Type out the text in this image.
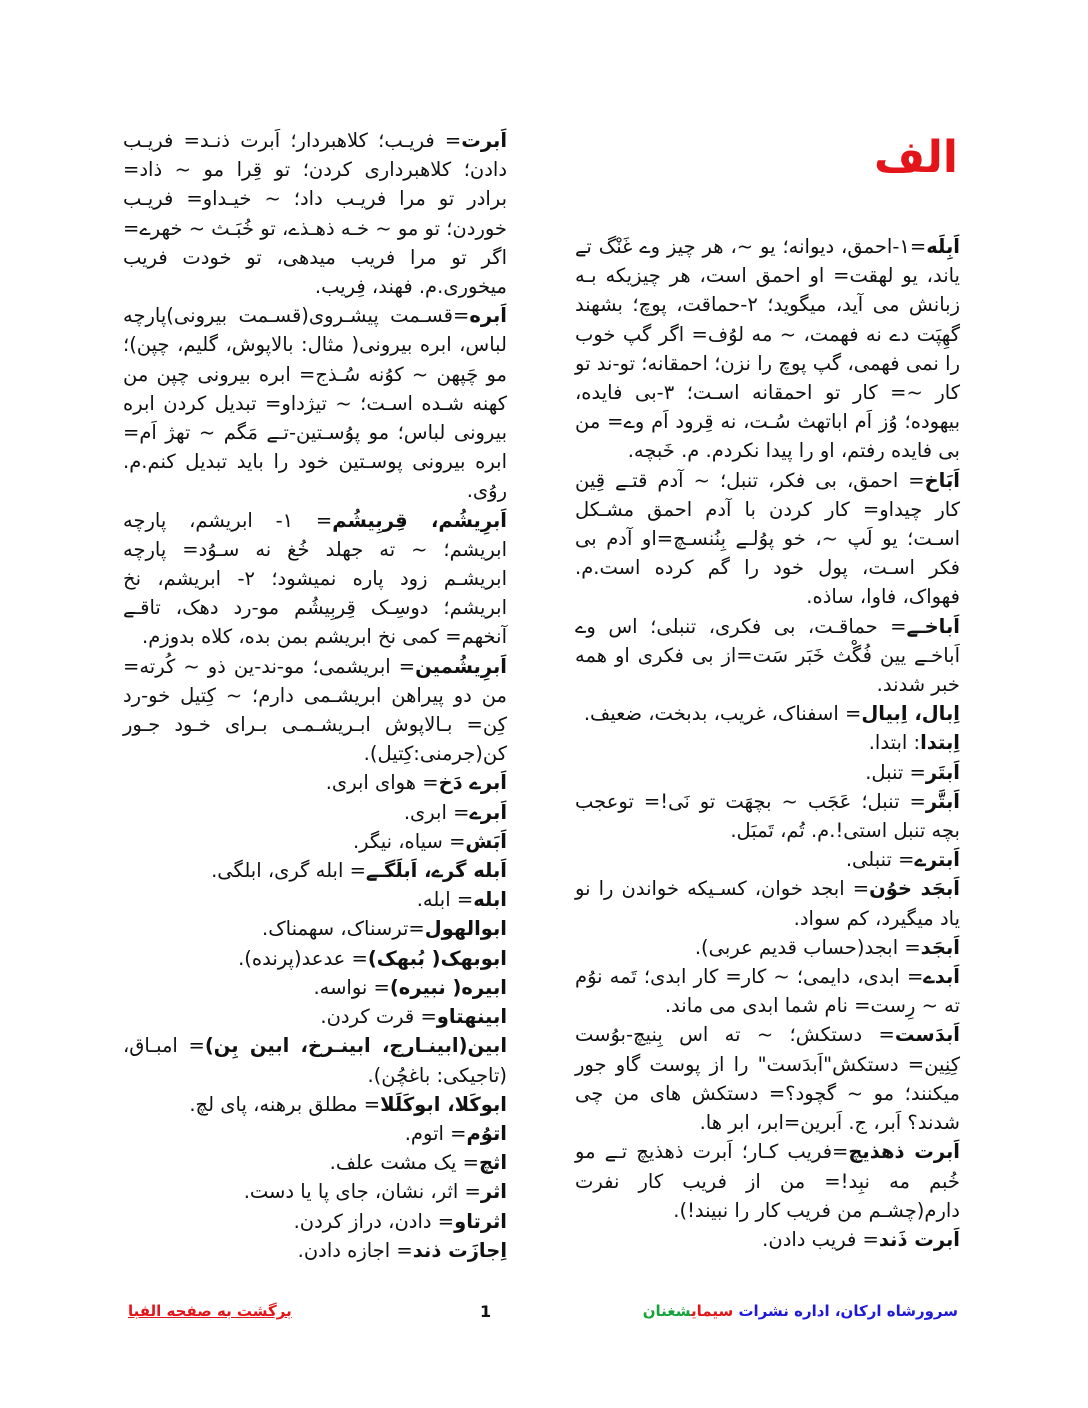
الف

اَبِلَه=۱-احمق، دیوانه؛ یو ~، هر چیز وے غَنْگ تے یاند، یو لهقت= او احمق است، هر چیزیکه بـه زبانش می آید، میگوید؛ ۲-حماقت، پوچ؛ بشهند گهِپَت دے نه فهمت، ~ مه لوُف= اگر گپ خوب را نمی فهمی، گپ پوچ را نزن؛ احمقانه؛ تو-ند تو کار ~= کار تو احمقانه اسـت؛ ۳-بی فایده، بیهوده؛ وُز اَم اباتهث سُـت، نه قِرود اَم وے= من بی فایده رفتم، او را پیدا نکردم. م. خَبچه.

اَبَاخ= احمق، بی فکر، تنبل؛ ~ آدم قتـے قِین کار چیداو= کار کردن با آدم احمق مشـکل اسـت؛ یو لَپ ~، خو پوُلـے بِنُنسـچ=او آدم بی فکر اسـت، پول خود را گم کرده است.م. فهواک، فاوا، ساذه.

اَباخـے= حماقـت، بی فکری، تنبلی؛ اس وے اَباخـے یین فُگْث خَبَر سَت=از بی فکری او همه خبر شدند.

اِبال، اِبیال= اسفناک، غریب، بدبخت، ضعیف.

اِبتدا: ابتدا.

اَبتَر= تنبل.

اَبتَّر= تنبل؛ عَجَب ~ بچهَت تو نَی!= توعجب بچه تنبل استی!.م. تُم، تَمبَل.

اَبترے= تنبلی.

اَبجَد خوُن= ابجد خوان، کسـیکه خواندن را نو یاد میگیرد، کم سواد.

اَبجَد= ابجد(حساب قدیم عربی).

اَبدے= ابدی، دایمی؛ ~ کار= کار ابدی؛ تَمه نوُم ته ~ رِست= نام شما ابدی می ماند.

اَبدَست= دستکش؛ ~ ته اس بِنیچ-بوُست کِنِین= دستکش"اَبدَست" را از پوست گاو جور میکنند؛ مو ~ گچود؟= دستکش های من چی شدند؟ اَبر، ج. اَبرین=ابر، ابر ها.

اَبرت ذهذیچ=فریب کـار؛ اَبرت ذهذیچ تـے مو خُبم مه نبِد!= من از فریب کار نفرت دارم(چشـم من فریب کار را نبیند!).

اَبرت ذَند= فریب دادن.

اَبرت= فریـب؛ کلاهبردار؛ اَبرت ذنـد= فریـب دادن؛ کلاهبرداری کردن؛ تو قِرا مو ~ ذاد= برادر تو مرا فریـب داد؛ ~ خیـداو= فریـب خوردن؛ تو مو ~ خـه ذهـذے، تو خُبَـث ~ خهرے= اگر تو مرا فریب میدهی، تو خودت فریب میخوری.م. فهند، فِریب.

اَبره=قسـمت پیشـروی(قسـمت بیرونی)پارچه لباس، ابره بیرونی( مثال: بالاپوش، گلیم، چپن)؛ مو چَپهن ~ کوُنه سُـذج= ابره بیرونی چپن من کهنه شـده اسـت؛ ~ تیژداو= تبدیل کردن ابره بیرونی لباس؛ مو پوُسـتین-تـے مَگم ~ تهژ اَم= ابره بیرونی پوسـتین خود را باید تبدیل کنم.م. روُی.

اَبرِیشُم، قِربِیشُم= ۱- ابریشم، پارچه ابریشم؛ ~ ته جهلد خُغ نه سـوُد= پارچه ابریشـم زود پاره نمیشود؛ ۲- ابریشم، نخ ابریشم؛ دوسِـک قِربِیشُم مو-رد دهک، تاقـے آنخهم= کمی نخ ابریشم بمن بده، کلاه بدوزم.

اَبرِیشُمین= ابریشمی؛ مو-ند-ین ذو ~ کُرته= من دو پیراهن ابریشـمی دارم؛ ~ کِتیل خو-رد کِن= بـالاپوش ابـریشـمـی بـرای خـود جـور کن(جرمنی:کِتیل).

اَبرے دَخ= هوای ابری.

اَبرے= ابری.

اَبَش= سیاه، نیگر.

اَبله گرے، اَبلَگـے= ابله گری، ابلگی.

ابله= ابله.

ابوالهول=ترسناک، سهمناک.

ابوبهک( بُبهک)= عدعد(پرنده).

ابیره( نبیره)= نواسه.

ابینهتاو= قرت کردن.

ابین(ابینـارج، ابینـرخ، ابین بِن)= امبـاق، (تاجیکی: باغچُن).

ابوکَلا، ابوکَلَلا= مطلق برهنه، پای لچ.

اتوُم= اتوم.

اثچ= یک مشت علف.

اثر= اثر، نشان، جای پا یا دست.

اثرتاو= دادن، دراز کردن.

اِجازَت ذند= اجازه دادن.

سرورشاه ارکان، اداره نشرات سیمایشغنان
1
برگشت به صفحه الفبا
